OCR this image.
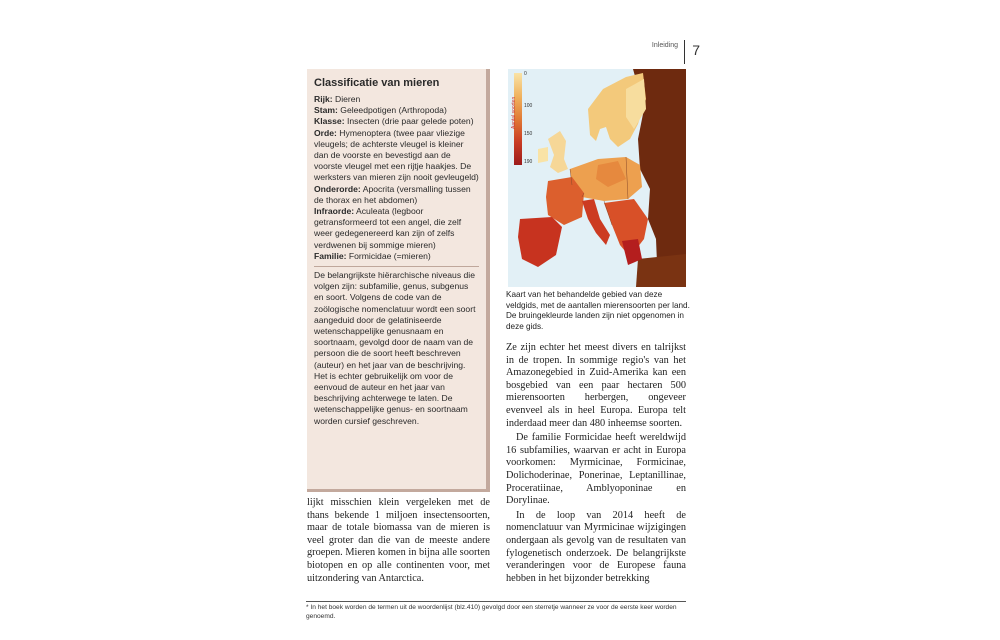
Inleiding 7
Classificatie van mieren
Rijk: Dieren
Stam: Geleedpotigen (Arthropoda)
Klasse: Insecten (drie paar gelede poten)
Orde: Hymenoptera (twee paar vliezige vleugels; de achterste vleugel is kleiner dan de voorste en bevestigd aan de voorste vleugel met een rijtje haakjes. De werksters van mieren zijn nooit gevleugeld)
Onderorde: Apocrita (versmalling tussen de thorax en het abdomen)
Infraorde: Aculeata (legboor getransformeerd tot een angel, die zelf weer gedegenereerd kan zijn of zelfs verdwenen bij sommige mieren)
Familie: Formicidae (=mieren)

De belangrijkste hiërarchische niveaus die volgen zijn: subfamilie, genus, subgenus en soort. Volgens de code van de zoölogische nomenclatuur wordt een soort aangeduid door de gelatiniseerde wetenschappelijke genusnaam en soortnaam, gevolgd door de naam van de persoon die de soort heeft beschreven (auteur) en het jaar van de beschrijving. Het is echter gebruikelijk om voor de eenvoud de auteur en het jaar van beschrijving achterwege te laten. De wetenschappelijke genus- en soortnaam worden cursief geschreven.

0
100
150
190
Aantal soorten
Kaart van het behandelde gebied van deze veldgids, met de aantallen mierensoorten per land. De bruingekleurde landen zijn niet opgenomen in deze gids.

Ze zijn echter het meest divers en talrijkst in de tropen. In sommige regio's van het Amazonegebied in Zuid-Amerika kan een bosgebied van een paar hectaren 500 mierensoorten herbergen, ongeveer evenveel als in heel Europa. Europa telt inderdaad meer dan 480 inheemse soorten.

De familie Formicidae heeft wereldwijd 16 subfamilies, waarvan er acht in Europa voorkomen: Myrmicinae, Formicinae, Dolichoderinae, Ponerinae, Leptanillinae, Proceratiinae, Amblyoponinae en Dorylinae.

In de loop van 2014 heeft de nomenclatuur van Myrmicinae wijzigingen ondergaan als gevolg van de resultaten van fylogenetisch onderzoek. De belangrijkste veranderingen voor de Europese fauna hebben in het bijzonder betrekking

lijkt misschien klein vergeleken met de thans bekende 1 miljoen insectensoorten, maar de totale biomassa van de mieren is veel groter dan die van de meeste andere groepen. Mieren komen in bijna alle soorten biotopen en op alle continenten voor, met uitzondering van Antarctica.

* In het boek worden de termen uit de woordenlijst (blz.410) gevolgd door een sterretje wanneer ze voor de eerste keer worden genoemd.
